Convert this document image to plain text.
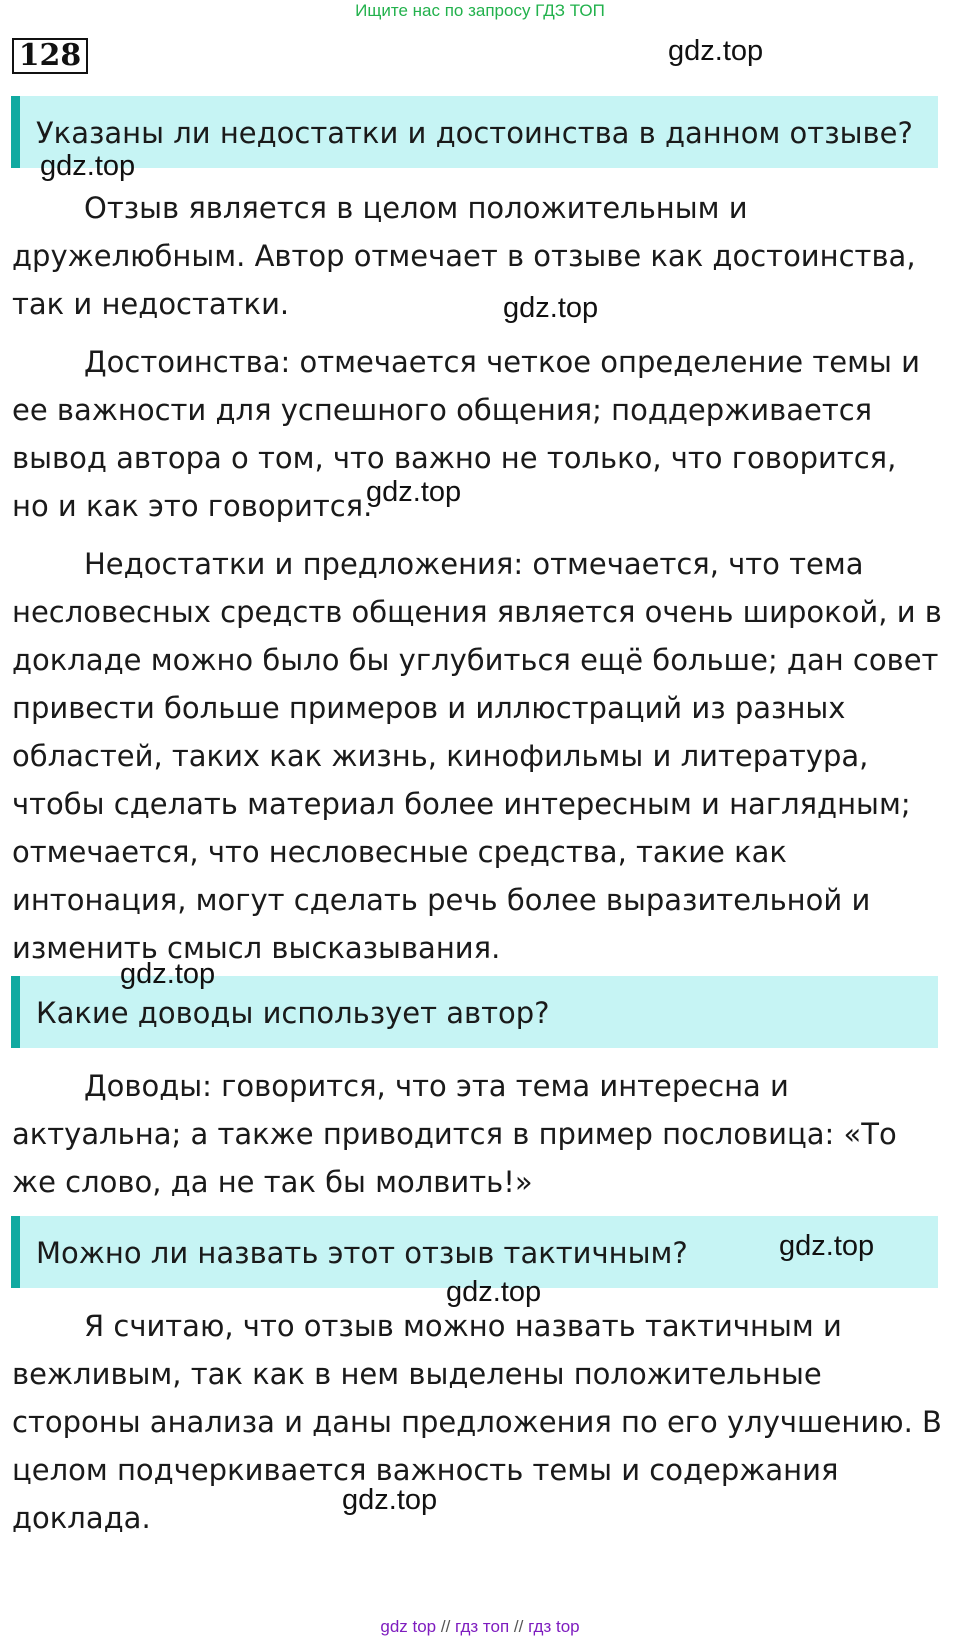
Ищите нас по запросу ГДЗ ТОП
128	gdz.top
Указаны ли недостатки и достоинства в данном отзыве?
gdz.top

Отзыв является в целом положительным и дружелюбным. Автор отмечает в отзыве как достоинства, так и недостатки.	gdz.top

Достоинства: отмечается четкое определение темы и ее важности для успешного общения; поддерживается вывод автора о том, что важно не только, что говорится, но и как это говорится.

gdz.top

Недостатки и предложения: отмечается, что тема несловесных средств общения является очень широкой, и в докладе можно было бы углубиться ещё больше; дан совет привести больше примеров и иллюстраций из разных областей, таких как жизнь, кинофильмы и литература, чтобы сделать материал более интересным и наглядным; отмечается, что несловесные средства, такие как интонация, могут сделать речь более выразительной и изменить смысл высказывания.

Какие доводы использует автор?
gdz.top

Доводы: говорится, что эта тема интересна и актуальна; а также приводится в пример пословица: «То же слово, да не так бы молвить!»

Можно ли назвать этот отзыв тактичным?	gdz.top
gdz.top

Я считаю, что отзыв можно назвать тактичным и вежливым, так как в нем выделены положительные стороны анализа и даны предложения по его улучшению. В целом подчеркивается важность темы и содержания доклада.

gdz.top
gdz top // гдз топ // гдз top
